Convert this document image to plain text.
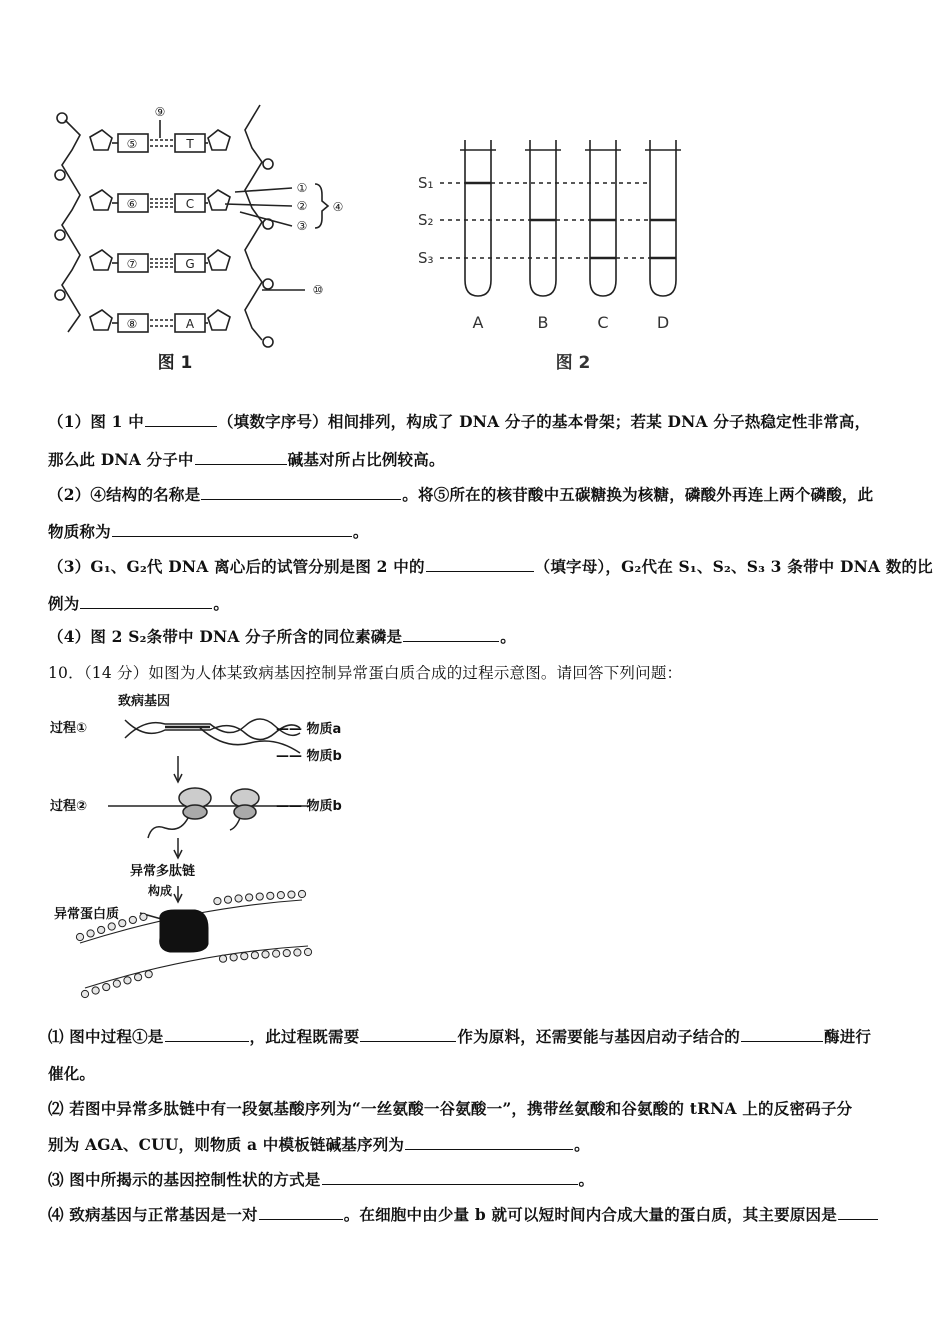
⑤
⑥
⑦
⑧
⑨
①
②
③
④
⑩
T
C
G
A
图 1
S₁
S₂
S₃
A	B	C	D
图 2
（1）图 1 中	（填数字序号）相间排列，构成了 DNA 分子的基本骨架；若某 DNA 分子热稳定性非常高，
那么此 DNA 分子中	碱基对所占比例较高。
（2）④结构的名称是	。将⑤所在的核苷酸中五碳糖换为核糖，磷酸外再连上两个磷酸，此
物质称为	。
（3）G₁、G₂代 DNA 离心后的试管分别是图 2 中的	（填字母），G₂代在 S₁、S₂、S₃ 3 条带中 DNA 数的比
例为	。
（4）图 2 S₂条带中 DNA 分子所含的同位素磷是	。
10．（14 分）如图为人体某致病基因控制异常蛋白质合成的过程示意图。请回答下列问题：
致病基因
过程①	—— 物质a
—— 物质b
过程②	—— 物质b
异常多肽链
构成
异常蛋白质
⑴ 图中过程①是	，此过程既需要	作为原料，还需要能与基因启动子结合的	酶进行
催化。
⑵ 若图中异常多肽链中有一段氨基酸序列为“一丝氨酸一谷氨酸一”，携带丝氨酸和谷氨酸的 tRNA 上的反密码子分
别为 AGA、CUU，则物质 a 中模板链碱基序列为	。
⑶ 图中所揭示的基因控制性状的方式是	。
⑷ 致病基因与正常基因是一对	。在细胞中由少量 b 就可以短时间内合成大量的蛋白质，其主要原因是
